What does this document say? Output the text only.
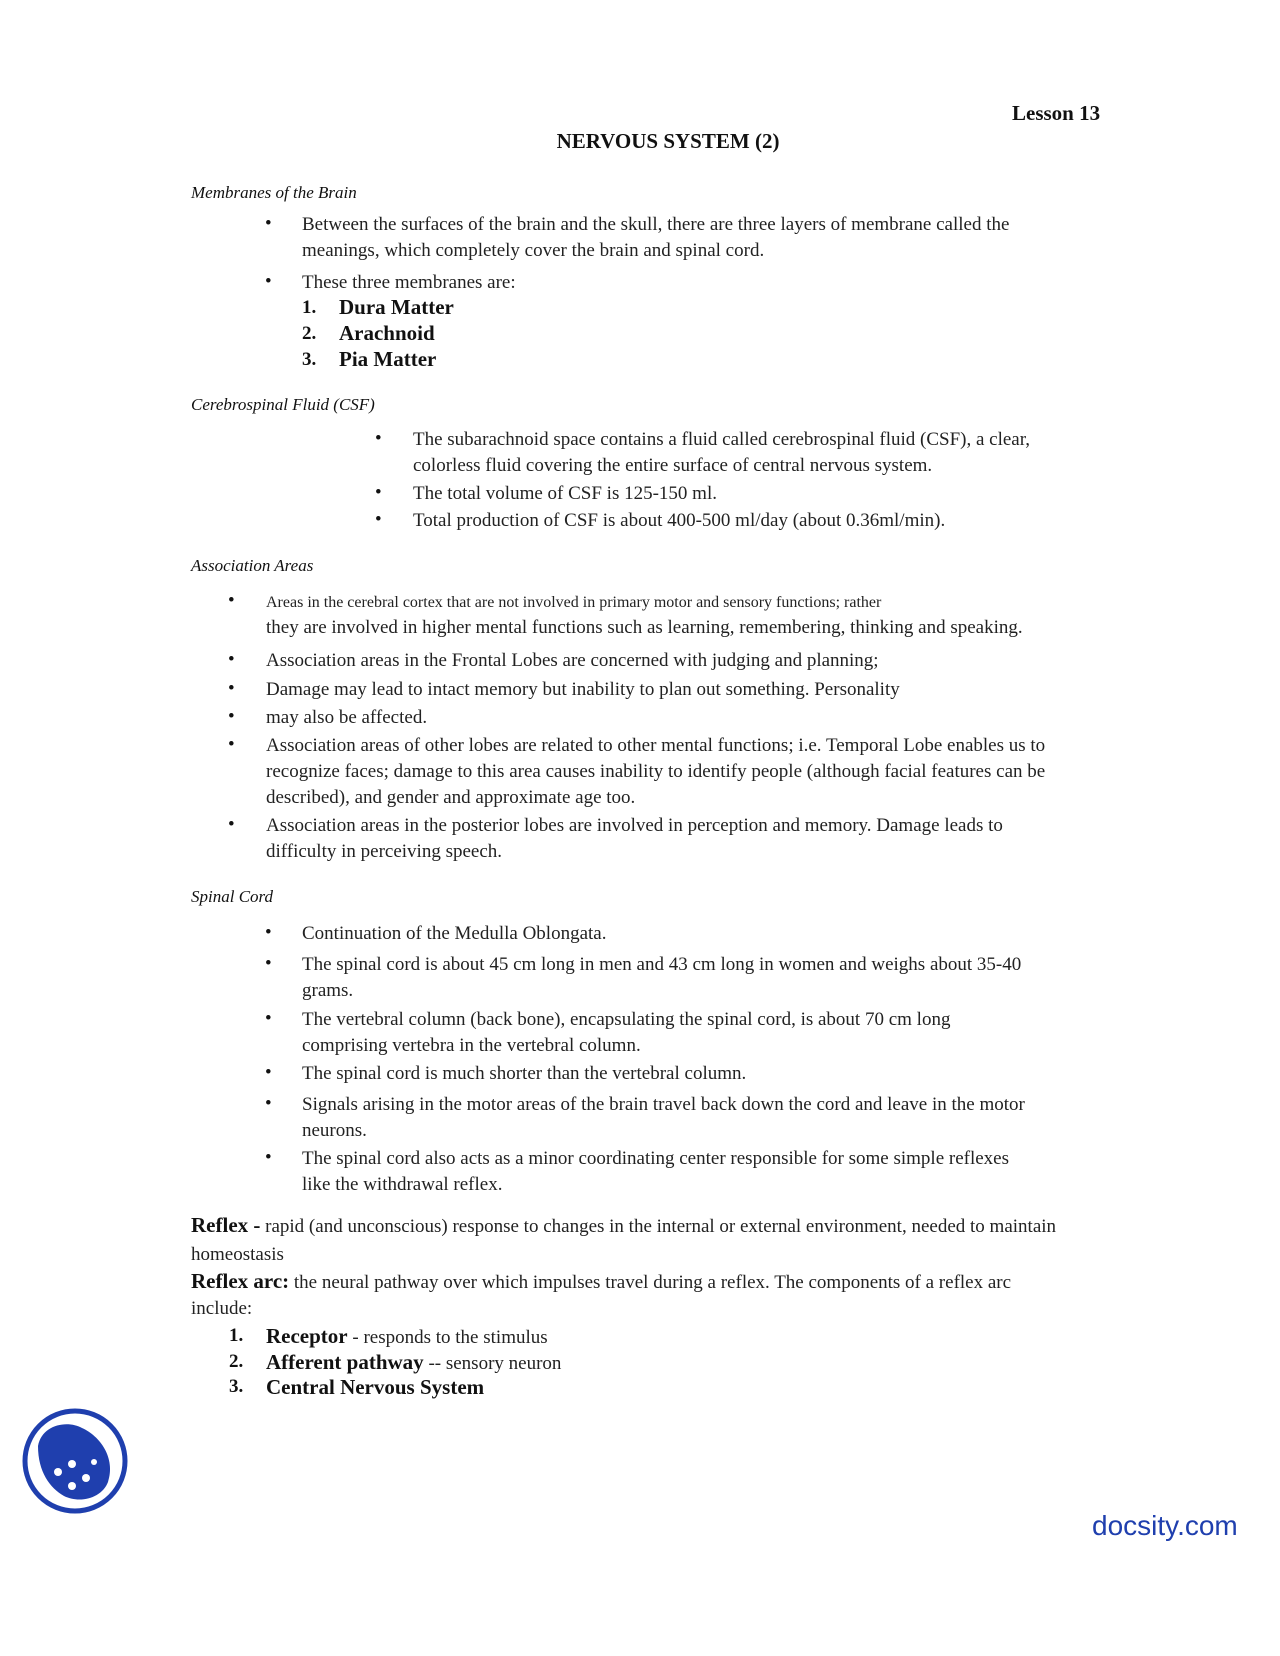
Lesson 13
NERVOUS SYSTEM (2)
Membranes of the Brain
• Between the surfaces of the brain and the skull, there are three layers of membrane called the
meanings, which completely cover the brain and spinal cord.
• These three membranes are:
1. Dura Matter
2. Arachnoid
3. Pia Matter
Cerebrospinal Fluid (CSF)
• The subarachnoid space contains a fluid called cerebrospinal fluid (CSF), a clear,
colorless fluid covering the entire surface of central nervous system.
• The total volume of CSF is 125-150 ml.
• Total production of CSF is about 400-500 ml/day (about 0.36ml/min).
Association Areas
• Areas in the cerebral cortex that are not involved in primary motor and sensory functions; rather
they are involved in higher mental functions such as learning, remembering, thinking and speaking.
• Association areas in the Frontal Lobes are concerned with judging and planning;
• Damage may lead to intact memory but inability to plan out something. Personality
• may also be affected.
• Association areas of other lobes are related to other mental functions; i.e. Temporal Lobe enables us to
recognize faces; damage to this area causes inability to identify people (although facial features can be
described), and gender and approximate age too.
• Association areas in the posterior lobes are involved in perception and memory. Damage leads to
difficulty in perceiving speech.
Spinal Cord
• Continuation of the Medulla Oblongata.
• The spinal cord is about 45 cm long in men and 43 cm long in women and weighs about 35-40
grams.
• The vertebral column (back bone), encapsulating the spinal cord, is about 70 cm long
comprising vertebra in the vertebral column.
• The spinal cord is much shorter than the vertebral column.
• Signals arising in the motor areas of the brain travel back down the cord and leave in the motor
neurons.
• The spinal cord also acts as a minor coordinating center responsible for some simple reflexes
like the withdrawal reflex.
Reflex - rapid (and unconscious) response to changes in the internal or external environment, needed to maintain
homeostasis
Reflex arc: the neural pathway over which impulses travel during a reflex. The components of a reflex arc
include:
1. Receptor - responds to the stimulus
2. Afferent pathway -- sensory neuron
3. Central Nervous System
docsity.com
